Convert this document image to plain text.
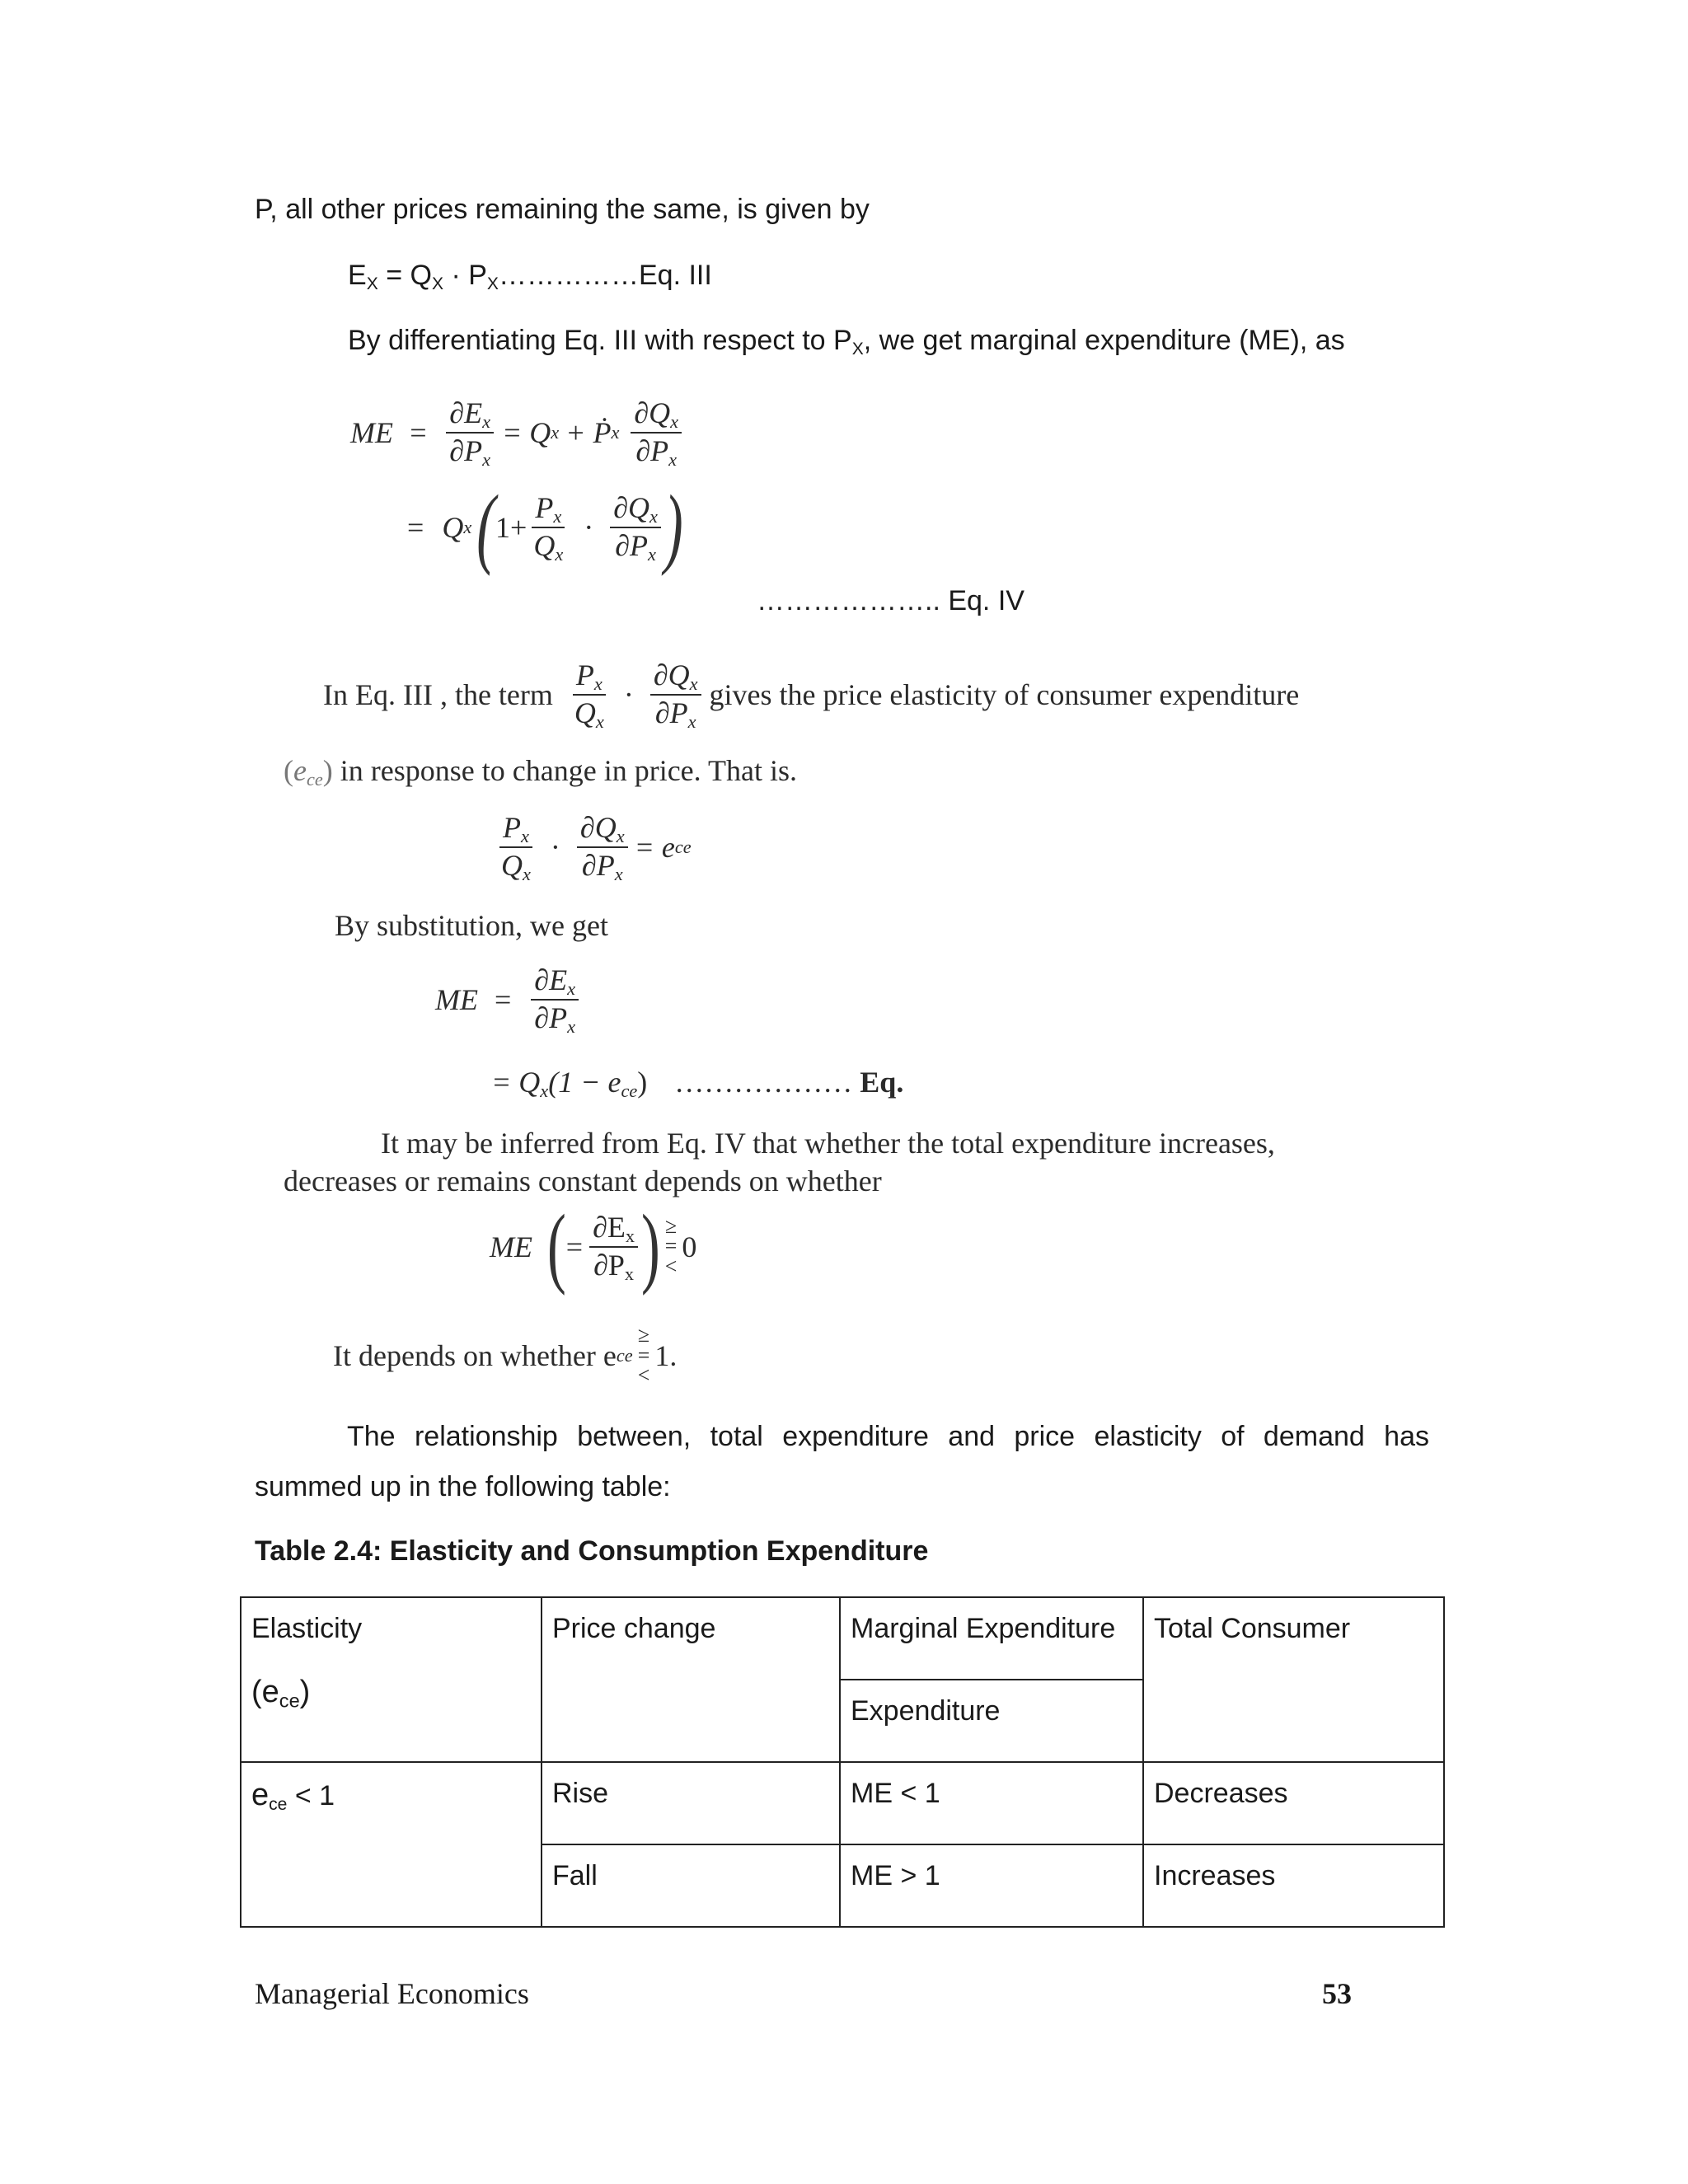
P, all other prices remaining the same, is given by
$E_X = Q_X$ · $P_X\dots\dots\dots\dots\dots Eq$. III
By differentiating Eq. III with respect to $P_X$, we get marginal expenditure (ME), as
ME = $\frac{\partial E_x}{\partial P_x} = Q$ x + Ṗ x $\frac{\partial Q_x}{\partial P_x}$
= Q x ( $1+ \frac{P_x}{Q_x} \cdot \frac{\partial Q_x}{\partial P_x}$ )
……………….. Eq. IV
In Eq. III , the term $\frac{P_x}{Q_x} \cdot \frac{\partial Q_x}{\partial P_x}$ gives the price elasticity of consumer expenditure
$(e_{ce})$ in response to change in price. That is.
$\frac{P_x}{Q_x} \cdot \frac{\partial Q_x}{\partial P_x} = e$ ce
By substitution, we get
ME = $\frac{\partial E_x}{\partial P_x}$
= $Q_x(1 - e_{ce})$ ……………… Eq.
It may be inferred from Eq. IV that whether the total expenditure increases,
decreases or remains constant depends on whether
ME ( = $\frac{\partial E_x}{\partial P_x}$ ) ≥
=
<
0
It depends on whether e ce
≥
=
<
1.
The relationship between, total expenditure and price elasticity of demand has
summed up in the following table:
Table 2.4: Elasticity and Consumption Expenditure
Elasticity
$(e_{ce})$	Price change	Marginal Expenditure	Total Consumer
		Expenditure	
$e_{ce} < 1$	Rise	ME < 1	Decreases
	Fall	ME > 1	Increases
Managerial Economics	53
